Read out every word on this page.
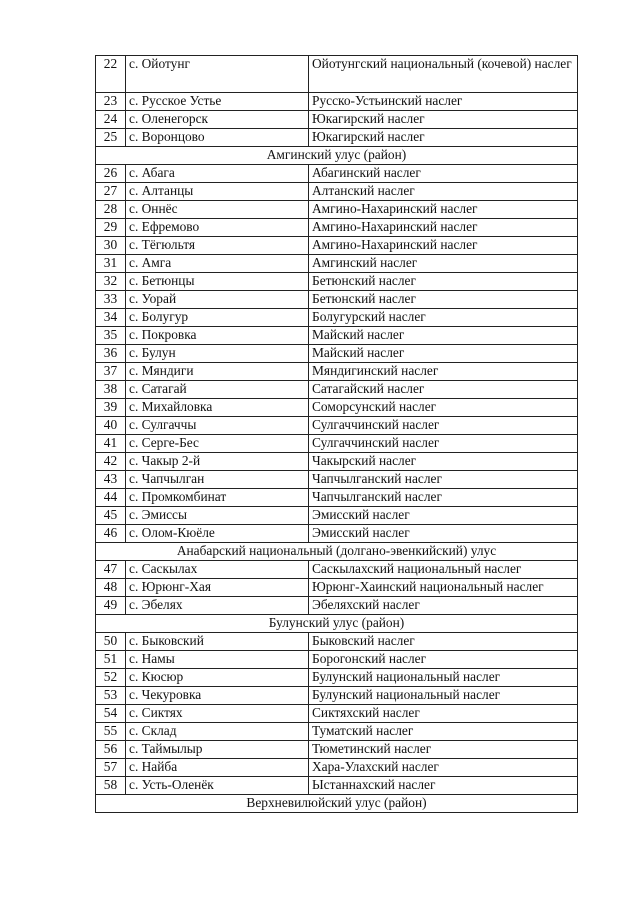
22	с. Ойотунг	Ойотунгский национальный (кочевой) наслег
23	с. Русское Устье	Русско-Устьинский наслег
24	с. Оленегорск	Юкагирский наслег
25	с. Воронцово	Юкагирский наслег
Амгинский улус (район)		
26	с. Абага	Абагинский наслег
27	с. Алтанцы	Алтанский наслег
28	с. Оннёс	Амгино-Нахаринский наслег
29	с. Ефремово	Амгино-Нахаринский наслег
30	с. Тёгюльтя	Амгино-Нахаринский наслег
31	с. Амга	Амгинский наслег
32	с. Бетюнцы	Бетюнский наслег
33	с. Уорай	Бетюнский наслег
34	с. Болугур	Болугурский наслег
35	с. Покровка	Майский наслег
36	с. Булун	Майский наслег
37	с. Мяндиги	Мяндигинский наслег
38	с. Сатагай	Сатагайский наслег
39	с. Михайловка	Соморсунский наслег
40	с. Сулгаччы	Сулгаччинский наслег
41	с. Серге-Бес	Сулгаччинский наслег
42	с. Чакыр 2-й	Чакырский наслег
43	с. Чапчылган	Чапчылганский наслег
44	с. Промкомбинат	Чапчылганский наслег
45	с. Эмиссы	Эмисский наслег
46	с. Олом-Кюёле	Эмисский наслег
Анабарский национальный (долгано-эвенкийский) улус		
47	с. Саскылах	Саскылахский национальный наслег
48	с. Юрюнг-Хая	Юрюнг-Хаинский национальный наслег
49	с. Эбелях	Эбеляхский наслег
Булунский улус (район)		
50	с. Быковский	Быковский наслег
51	с. Намы	Борогонский наслег
52	с. Кюсюр	Булунский национальный наслег
53	с. Чекуровка	Булунский национальный наслег
54	с. Сиктях	Сиктяхский наслег
55	с. Склад	Туматский наслег
56	с. Таймылыр	Тюметинский наслег
57	с. Найба	Хара-Улахский наслег
58	с. Усть-Оленёк	Ыстаннахский наслег
Верхневилюйский улус (район)		
